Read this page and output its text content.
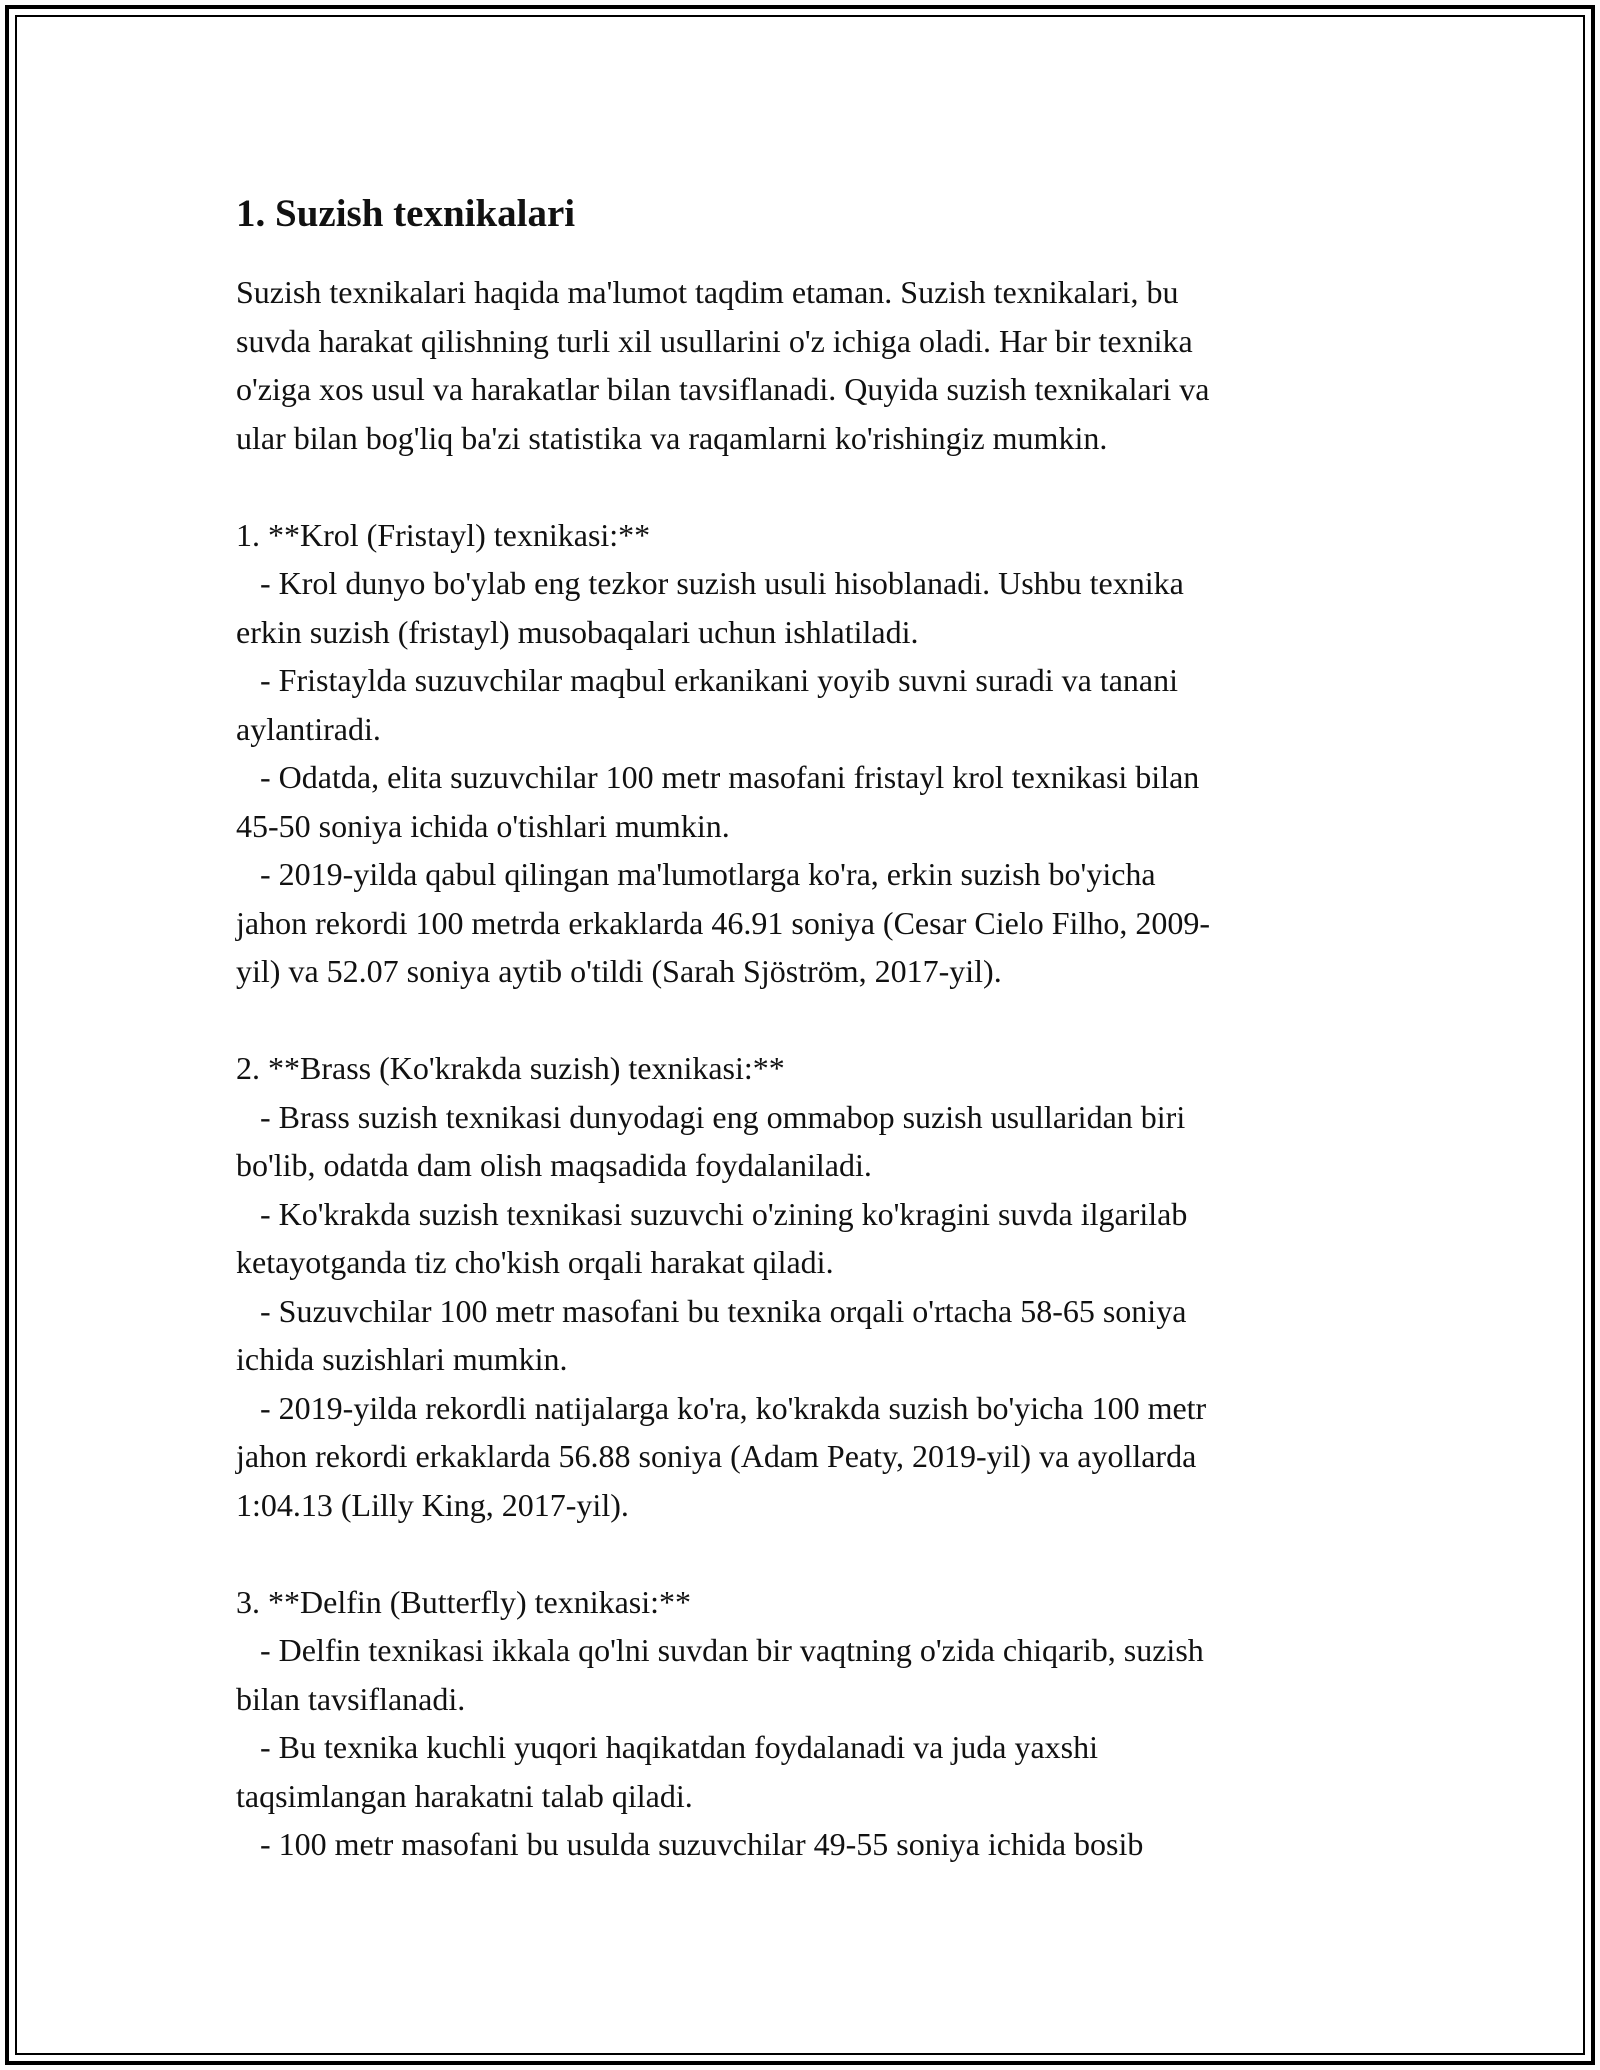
1. Suzish texnikalari

Suzish texnikalari haqida ma'lumot taqdim etaman. Suzish texnikalari, bu
suvda harakat qilishning turli xil usullarini o'z ichiga oladi. Har bir texnika
o'ziga xos usul va harakatlar bilan tavsiflanadi. Quyida suzish texnikalari va
ular bilan bog'liq ba'zi statistika va raqamlarni ko'rishingiz mumkin.

1. **Krol (Fristayl) texnikasi:**
- Krol dunyo bo'ylab eng tezkor suzish usuli hisoblanadi. Ushbu texnika
erkin suzish (fristayl) musobaqalari uchun ishlatiladi.
- Fristaylda suzuvchilar maqbul erkanikani yoyib suvni suradi va tanani
aylantiradi.
- Odatda, elita suzuvchilar 100 metr masofani fristayl krol texnikasi bilan
45-50 soniya ichida o'tishlari mumkin.
- 2019-yilda qabul qilingan ma'lumotlarga ko'ra, erkin suzish bo'yicha
jahon rekordi 100 metrda erkaklarda 46.91 soniya (Cesar Cielo Filho, 2009-
yil) va 52.07 soniya aytib o'tildi (Sarah Sjöström, 2017-yil).

2. **Brass (Ko'krakda suzish) texnikasi:**
- Brass suzish texnikasi dunyodagi eng ommabop suzish usullaridan biri
bo'lib, odatda dam olish maqsadida foydalaniladi.
- Ko'krakda suzish texnikasi suzuvchi o'zining ko'kragini suvda ilgarilab
ketayotganda tiz cho'kish orqali harakat qiladi.
- Suzuvchilar 100 metr masofani bu texnika orqali o'rtacha 58-65 soniya
ichida suzishlari mumkin.
- 2019-yilda rekordli natijalarga ko'ra, ko'krakda suzish bo'yicha 100 metr
jahon rekordi erkaklarda 56.88 soniya (Adam Peaty, 2019-yil) va ayollarda
1:04.13 (Lilly King, 2017-yil).

3. **Delfin (Butterfly) texnikasi:**
- Delfin texnikasi ikkala qo'lni suvdan bir vaqtning o'zida chiqarib, suzish
bilan tavsiflanadi.
- Bu texnika kuchli yuqori haqikatdan foydalanadi va juda yaxshi
taqsimlangan harakatni talab qiladi.
- 100 metr masofani bu usulda suzuvchilar 49-55 soniya ichida bosib
